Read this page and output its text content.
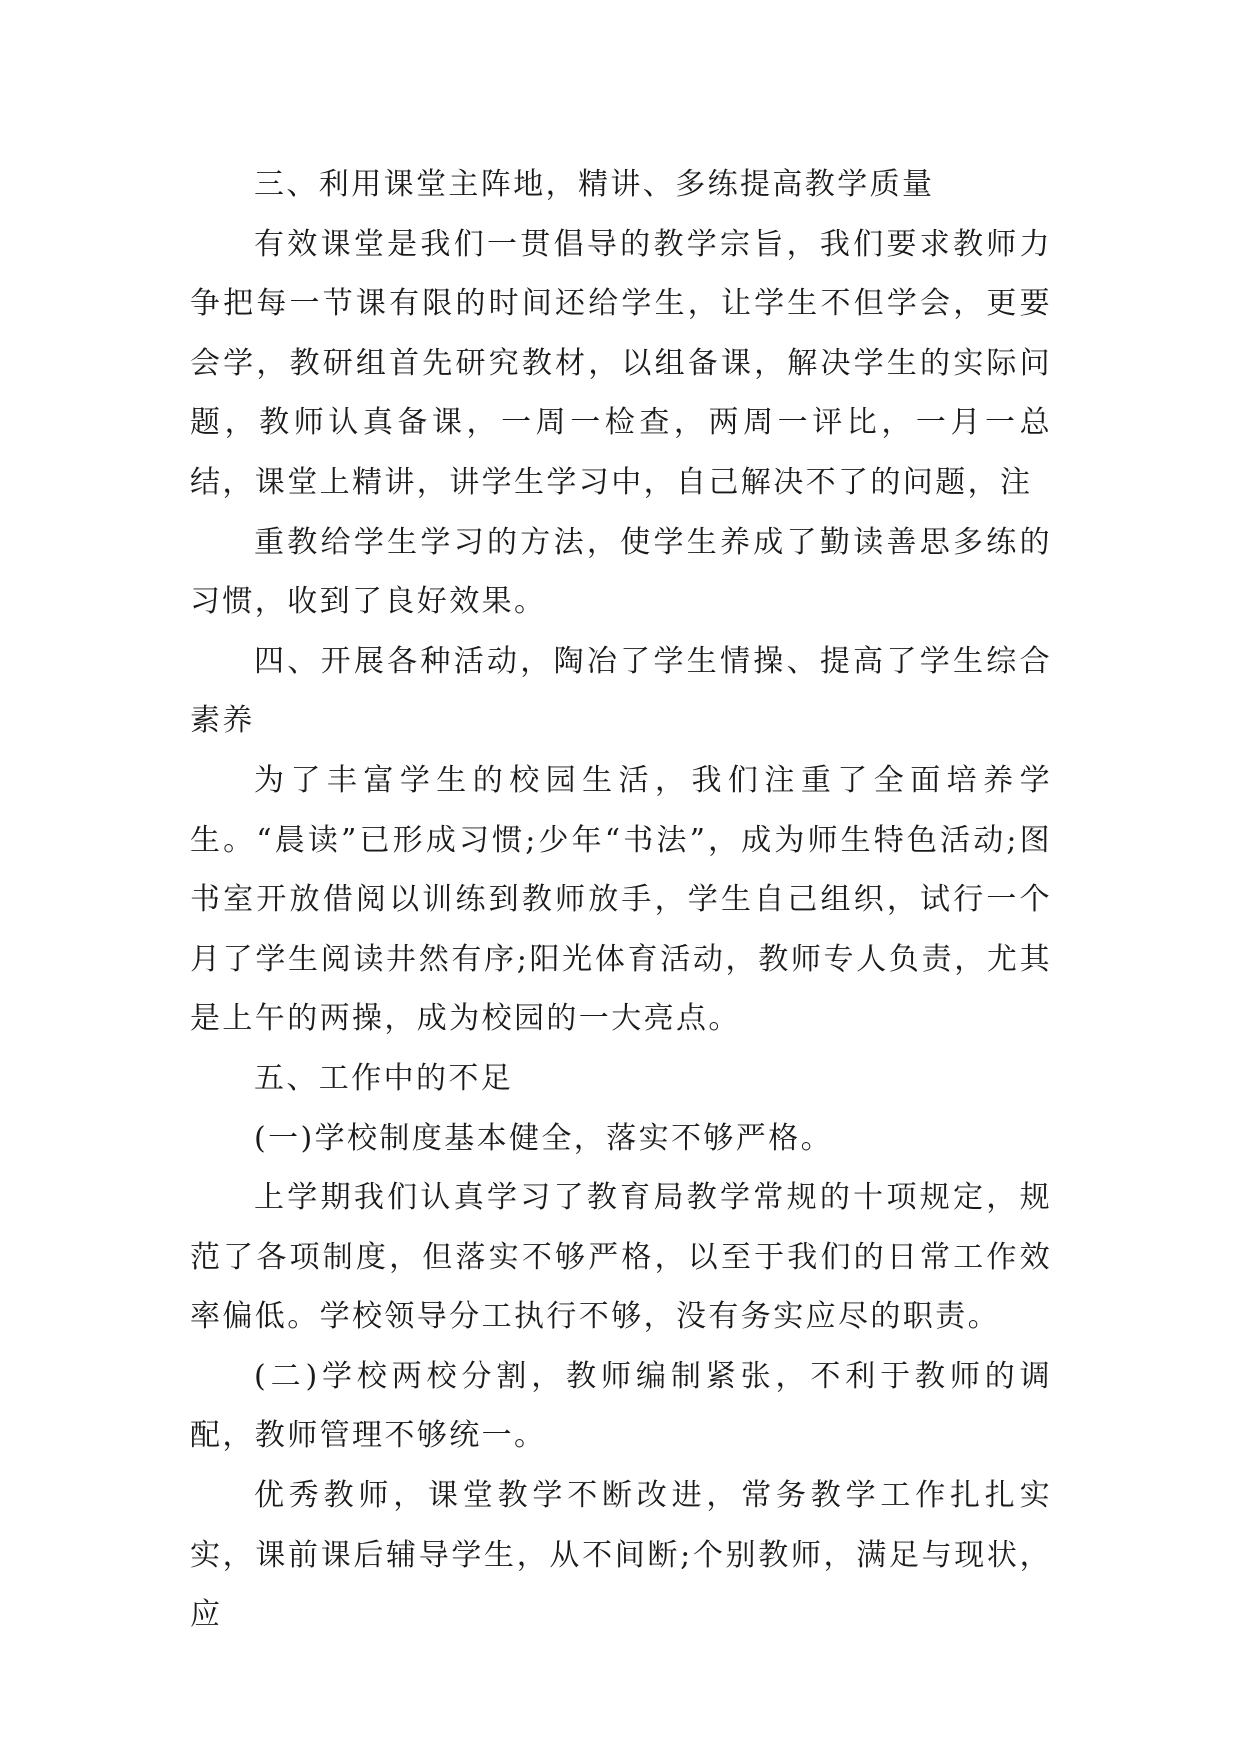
三、利用课堂主阵地，精讲、多练提高教学质量

有效课堂是我们一贯倡导的教学宗旨，我们要求教师力争把每一节课有限的时间还给学生，让学生不但学会，更要会学，教研组首先研究教材，以组备课，解决学生的实际问题，教师认真备课，一周一检查，两周一评比，一月一总结，课堂上精讲，讲学生学习中，自己解决不了的问题，注

重教给学生学习的方法，使学生养成了勤读善思多练的习惯，收到了良好效果。

四、开展各种活动，陶冶了学生情操、提高了学生综合素养

为了丰富学生的校园生活，我们注重了全面培养学生。“晨读”已形成习惯;少年“书法”，成为师生特色活动;图书室开放借阅以训练到教师放手，学生自己组织，试行一个月了学生阅读井然有序;阳光体育活动，教师专人负责，尤其是上午的两操，成为校园的一大亮点。

五、工作中的不足

(一)学校制度基本健全，落实不够严格。

上学期我们认真学习了教育局教学常规的十项规定，规范了各项制度，但落实不够严格，以至于我们的日常工作效率偏低。学校领导分工执行不够，没有务实应尽的职责。

(二)学校两校分割，教师编制紧张，不利于教师的调配，教师管理不够统一。

优秀教师，课堂教学不断改进，常务教学工作扎扎实实，课前课后辅导学生，从不间断;个别教师，满足与现状，应
